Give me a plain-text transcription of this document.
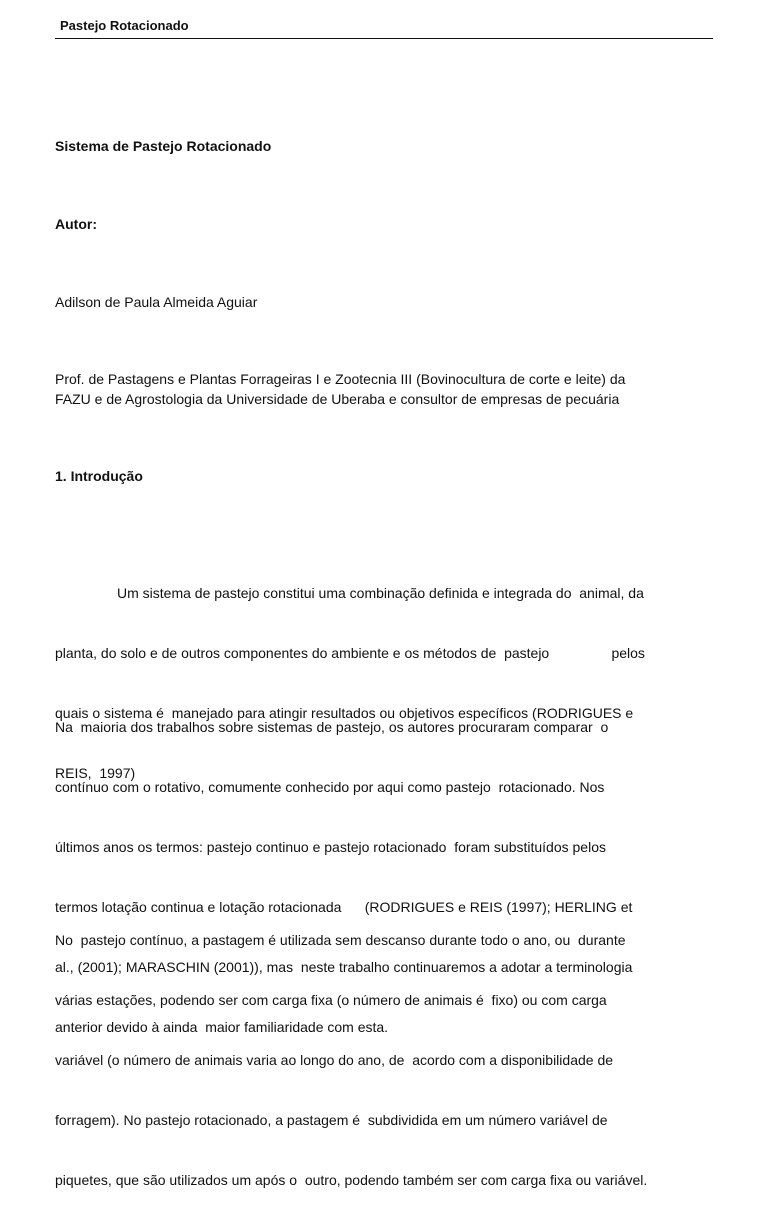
Pastejo Rotacionado
Sistema de Pastejo Rotacionado
Autor:
Adilson de Paula Almeida Aguiar
Prof. de Pastagens e Plantas Forrageiras I e Zootecnia III (Bovinocultura de corte e leite) da
FAZU e de Agrostologia da Universidade de Uberaba e consultor de empresas de pecuária
1. Introdução

Um sistema de pastejo constitui uma combinação definida e integrada do  animal, da

planta, do solo e de outros componentes do ambiente e os métodos de  pastejo                pelos

quais o sistema é  manejado para atingir resultados ou objetivos específicos (RODRIGUES e

REIS,  1997)

Na  maioria dos trabalhos sobre sistemas de pastejo, os autores procuraram comparar  o

contínuo com o rotativo, comumente conhecido por aqui como pastejo  rotacionado. Nos

últimos anos os termos: pastejo continuo e pastejo rotacionado  foram substituídos pelos

termos lotação continua e lotação rotacionada      (RODRIGUES e REIS (1997); HERLING et

al., (2001); MARASCHIN (2001)), mas  neste trabalho continuaremos a adotar a terminologia

anterior devido à ainda  maior familiaridade com esta.

No  pastejo contínuo, a pastagem é utilizada sem descanso durante todo o ano, ou  durante

várias estações, podendo ser com carga fixa (o número de animais é  fixo) ou com carga

variável (o número de animais varia ao longo do ano, de  acordo com a disponibilidade de

forragem). No pastejo rotacionado, a pastagem é  subdividida em um número variável de

piquetes, que são utilizados um após o  outro, podendo também ser com carga fixa ou variável.
